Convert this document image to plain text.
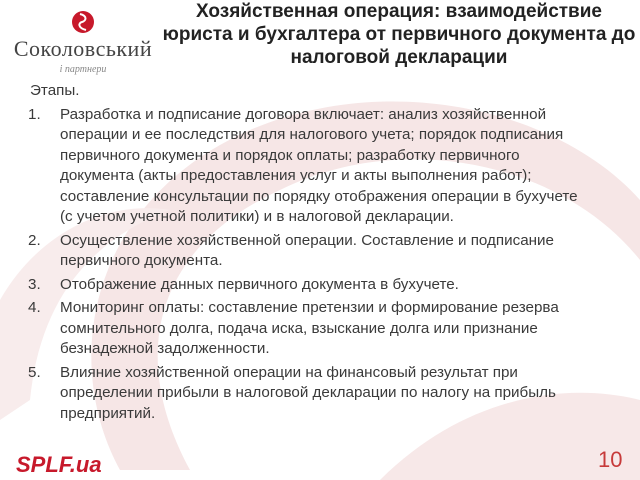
Соколовський
і партнери
Хозяйственная операция: взаимодействие юриста и бухгалтера от первичного документа до налоговой декларации
Этапы.
1. Разработка и подписание договора включает: анализ хозяйственной операции и ее последствия для налогового учета; порядок подписания первичного документа и порядок оплаты; разработку первичного документа (акты предоставления услуг и акты выполнения работ); составление консультации по порядку отображения операции в бухучете (с учетом учетной политики) и в налоговой декларации.
2. Осуществление хозяйственной операции. Составление и подписание первичного документа.
3. Отображение данных первичного документа в бухучете.
4. Мониторинг оплаты: составление претензии и формирование резерва сомнительного долга, подача иска, взыскание долга или признание безнадежной задолженности.
5. Влияние хозяйственной операции на финансовый результат при определении прибыли в налоговой декларации по налогу на прибыль предприятий.
SPLF.ua	10
